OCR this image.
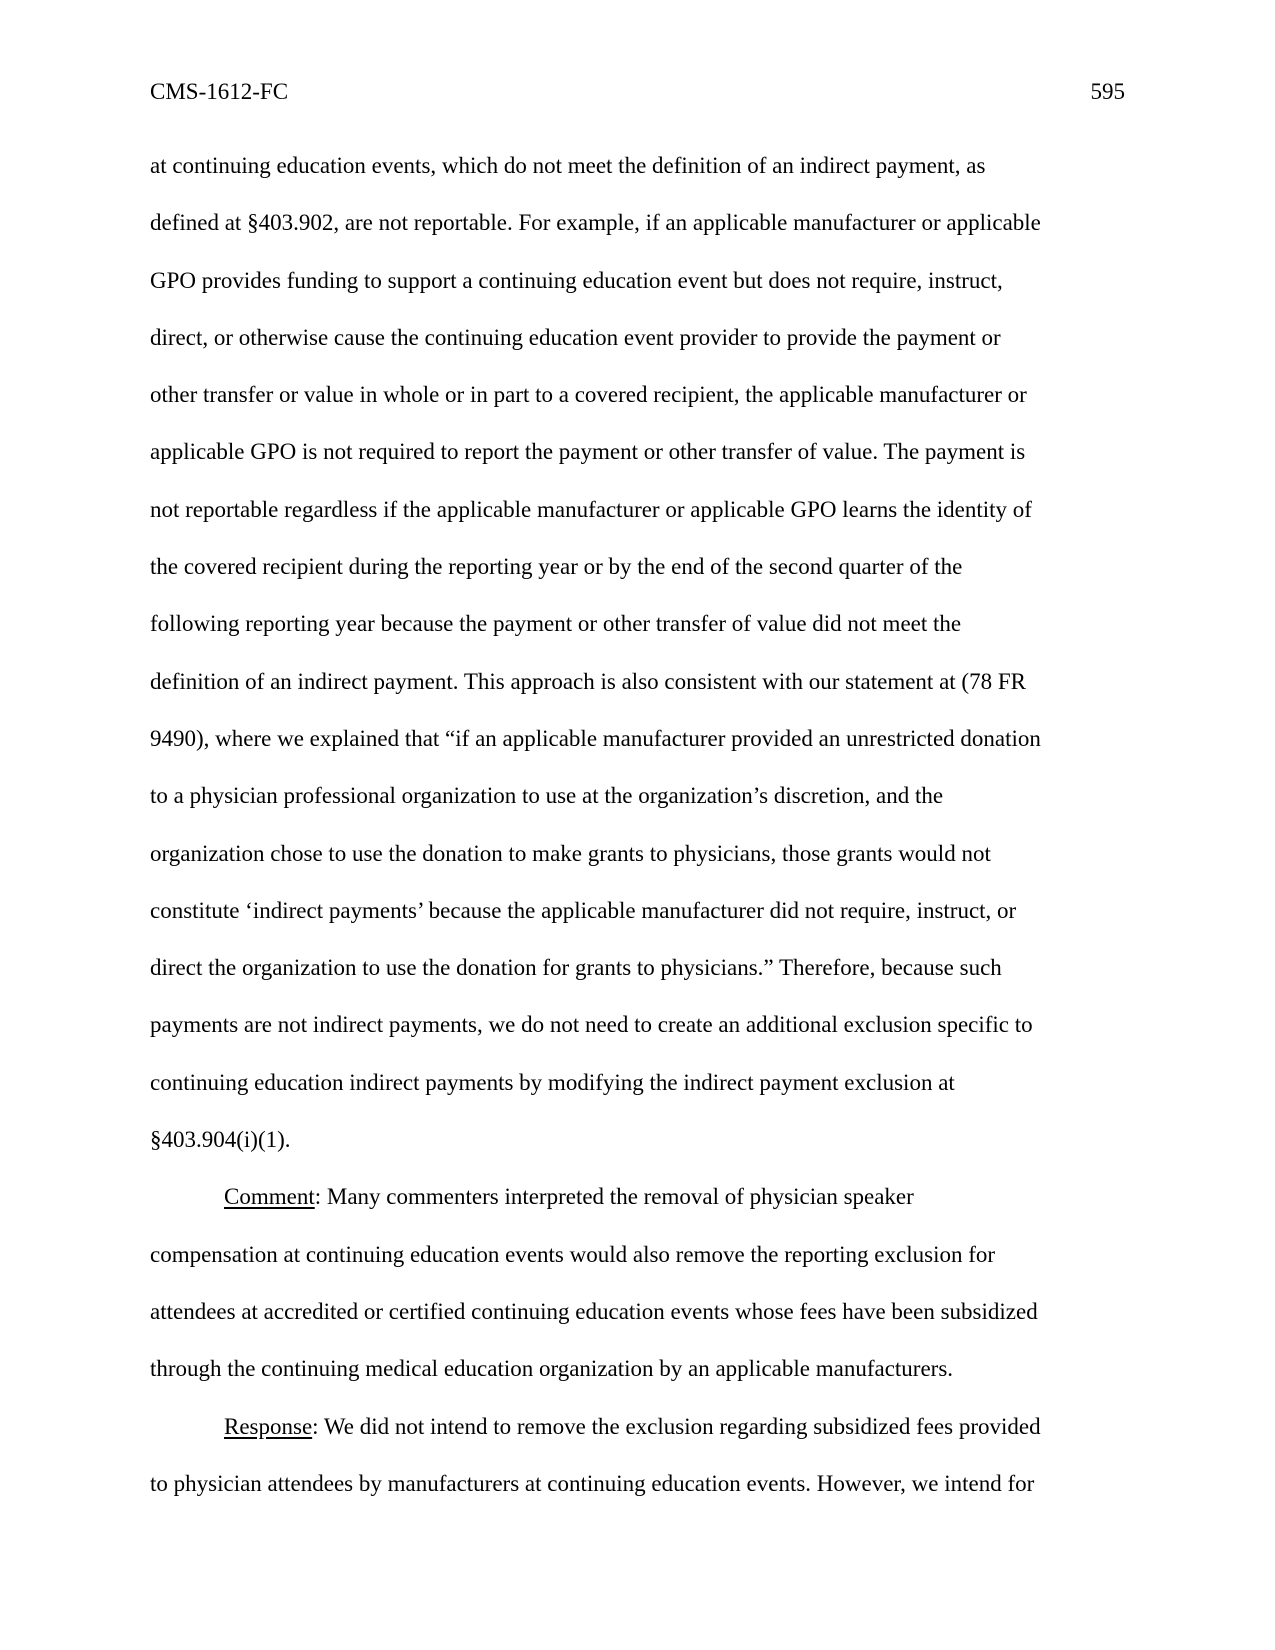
CMS-1612-FC	595
at continuing education events, which do not meet the definition of an indirect payment, as
defined at §403.902, are not reportable. For example, if an applicable manufacturer or applicable
GPO provides funding to support a continuing education event but does not require, instruct,
direct, or otherwise cause the continuing education event provider to provide the payment or
other transfer or value in whole or in part to a covered recipient, the applicable manufacturer or
applicable GPO is not required to report the payment or other transfer of value. The payment is
not reportable regardless if the applicable manufacturer or applicable GPO learns the identity of
the covered recipient during the reporting year or by the end of the second quarter of the
following reporting year because the payment or other transfer of value did not meet the
definition of an indirect payment. This approach is also consistent with our statement at (78 FR
9490), where we explained that “if an applicable manufacturer provided an unrestricted donation
to a physician professional organization to use at the organization’s discretion, and the
organization chose to use the donation to make grants to physicians, those grants would not
constitute ‘indirect payments’ because the applicable manufacturer did not require, instruct, or
direct the organization to use the donation for grants to physicians.” Therefore, because such
payments are not indirect payments, we do not need to create an additional exclusion specific to
continuing education indirect payments by modifying the indirect payment exclusion at
§403.904(i)(1).
Comment: Many commenters interpreted the removal of physician speaker
compensation at continuing education events would also remove the reporting exclusion for
attendees at accredited or certified continuing education events whose fees have been subsidized
through the continuing medical education organization by an applicable manufacturers.
Response: We did not intend to remove the exclusion regarding subsidized fees provided
to physician attendees by manufacturers at continuing education events. However, we intend for
